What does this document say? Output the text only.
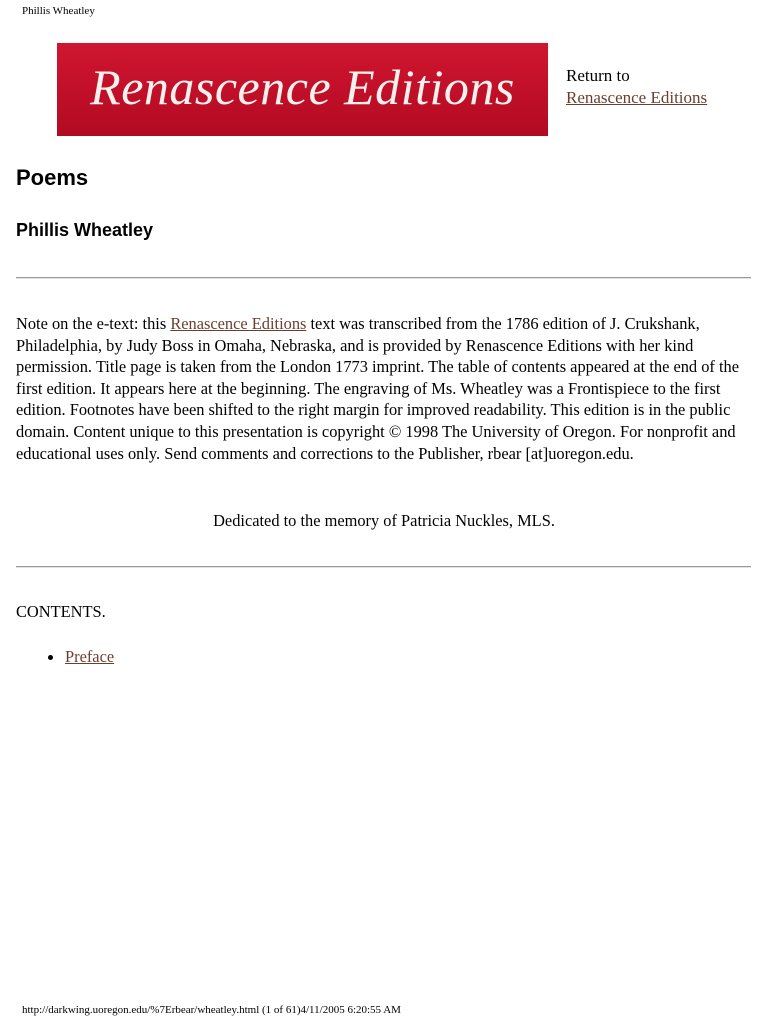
Phillis Wheatley
Renascence Editions	Return to
Renascence Editions
Poems
Phillis Wheatley

Note on the e-text: this Renascence Editions text was transcribed from the 1786 edition of J. Crukshank, Philadelphia, by Judy Boss in Omaha, Nebraska, and is provided by Renascence Editions with her kind permission. Title page is taken from the London 1773 imprint. The table of contents appeared at the end of the first edition. It appears here at the beginning. The engraving of Ms. Wheatley was a Frontispiece to the first edition. Footnotes have been shifted to the right margin for improved readability. This edition is in the public domain. Content unique to this presentation is copyright © 1998 The University of Oregon. For nonprofit and educational uses only. Send comments and corrections to the Publisher, rbear [at]uoregon.edu.

Dedicated to the memory of Patricia Nuckles, MLS.

CONTENTS.

Preface
http://darkwing.uoregon.edu/%7Erbear/wheatley.html (1 of 61)4/11/2005 6:20:55 AM
